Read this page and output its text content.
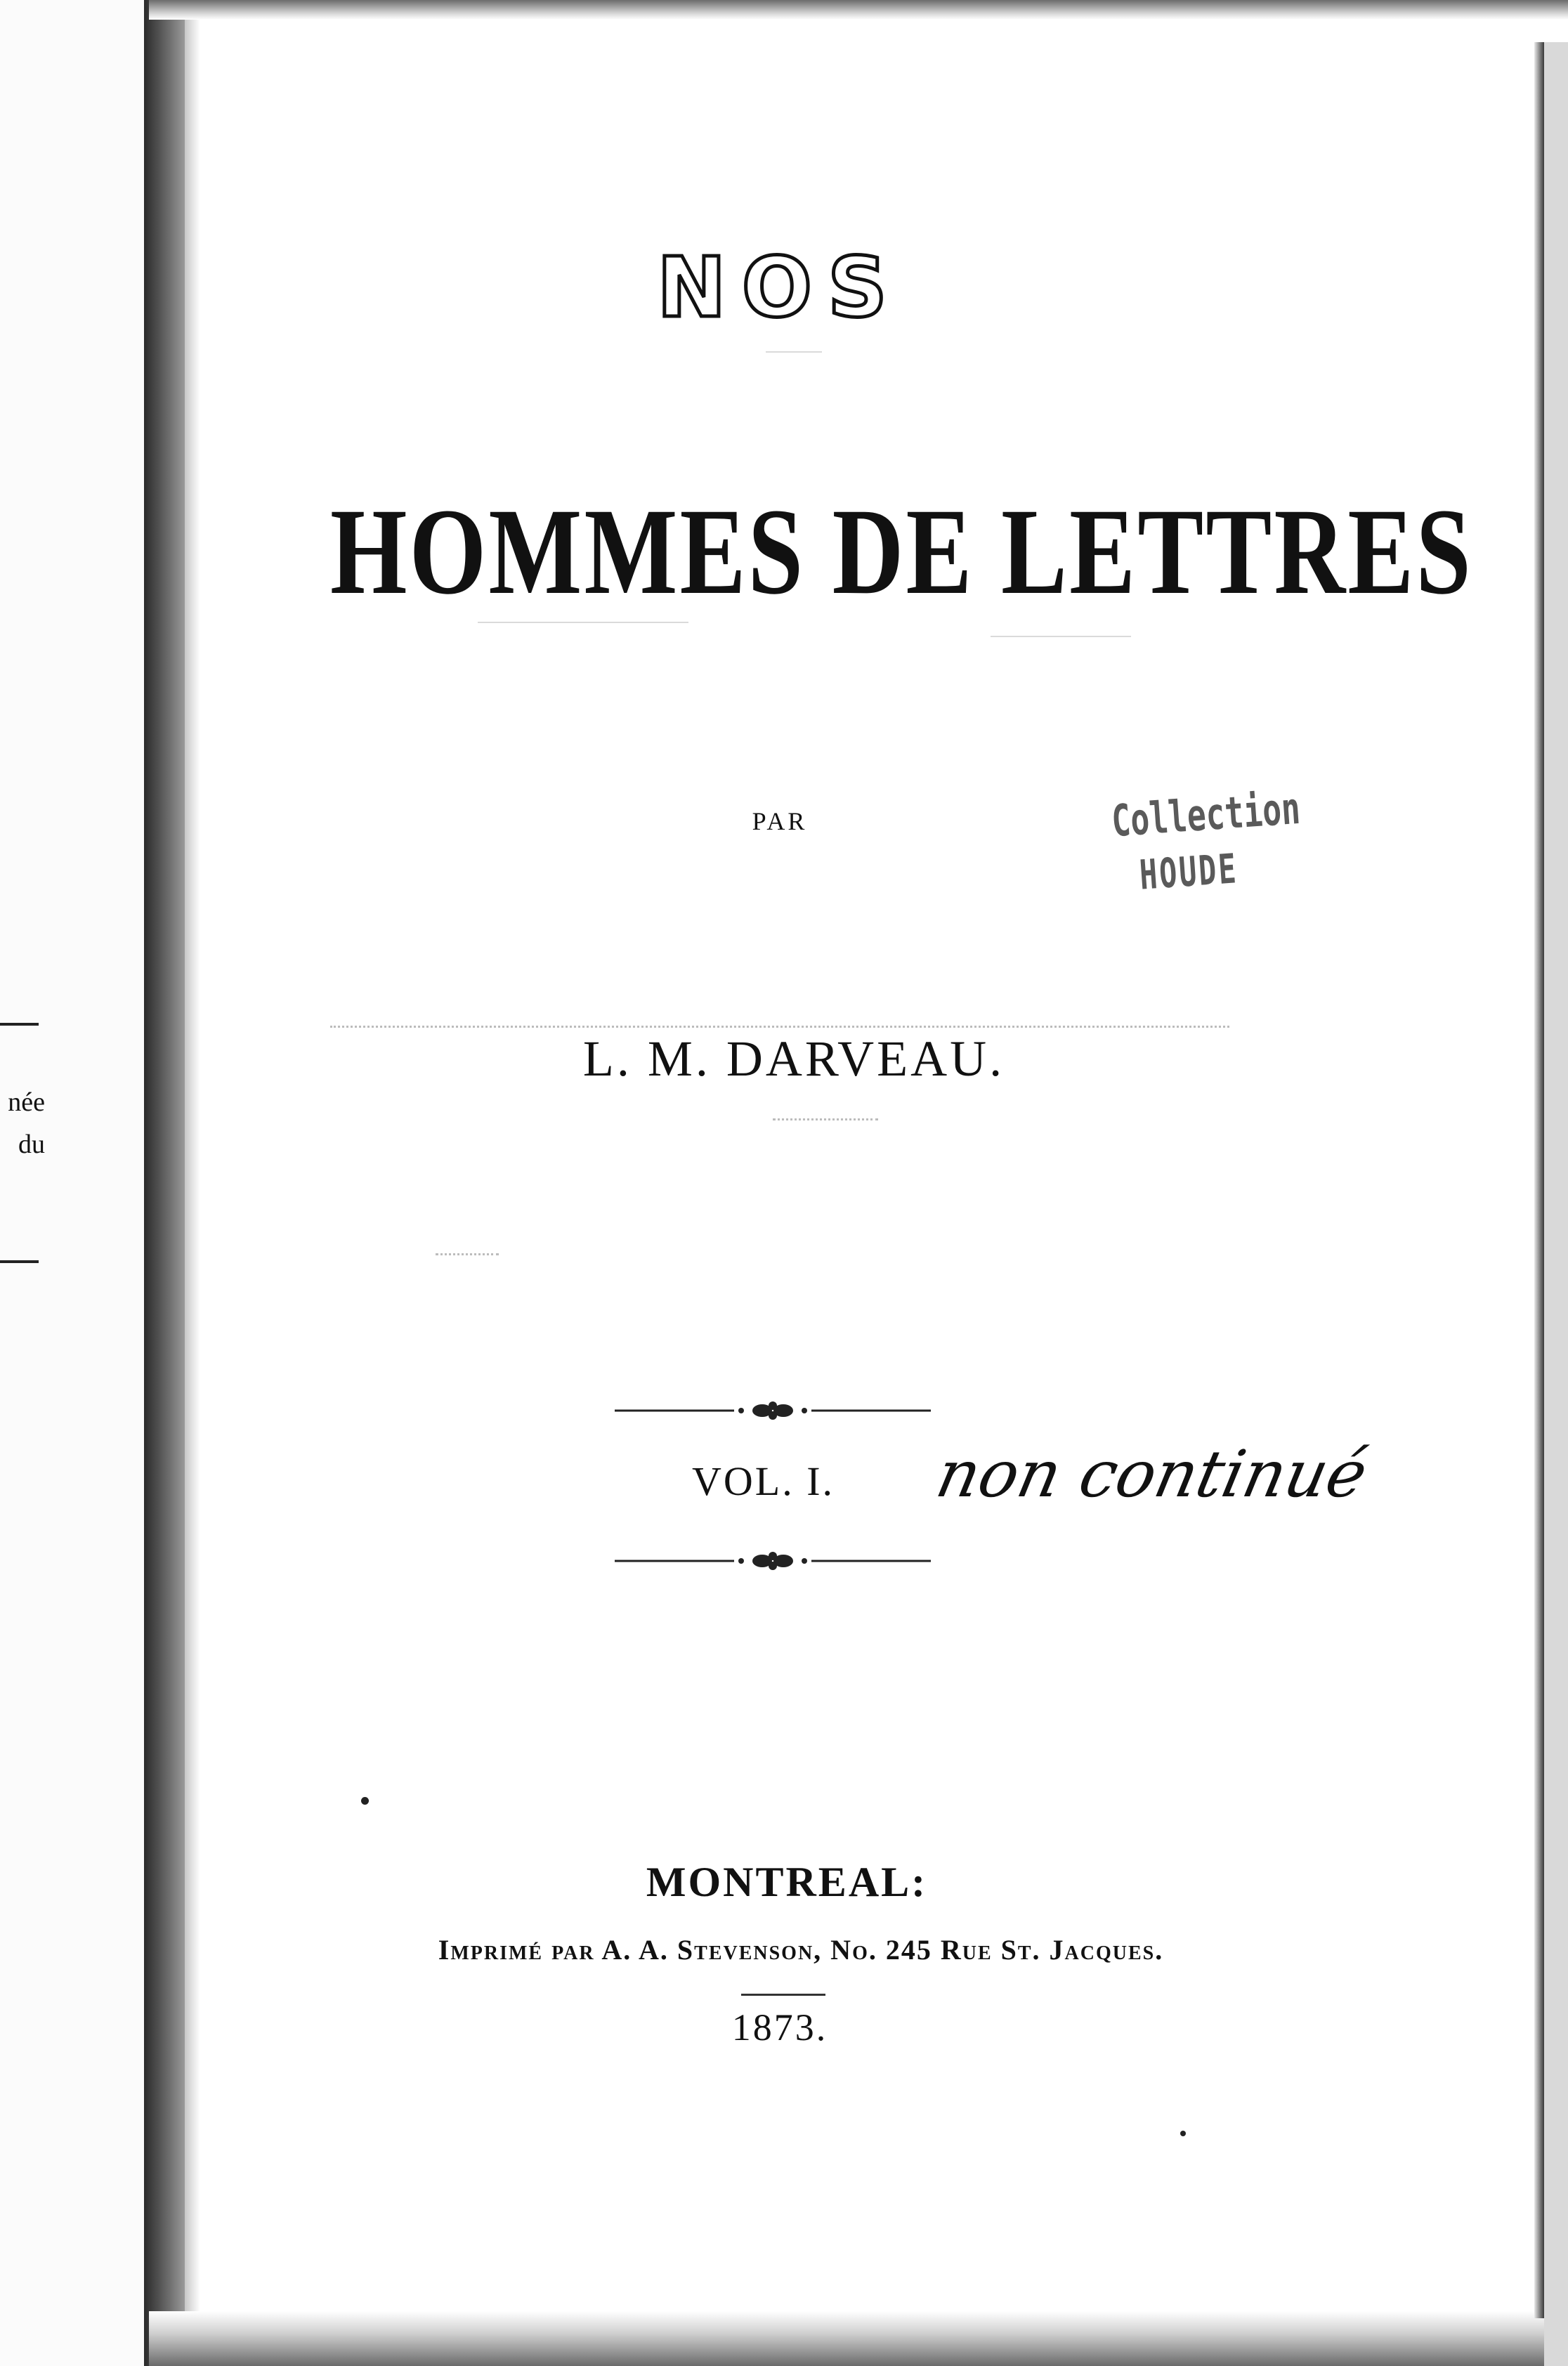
née
du
NOS
HOMMES DE LETTRES
PAR	Collection
HOUDE
L. M. DARVEAU.
VOL. I.	non continué
MONTREAL:
Imprimé par A. A. Stevenson, No. 245 Rue St. Jacques.
1873.
